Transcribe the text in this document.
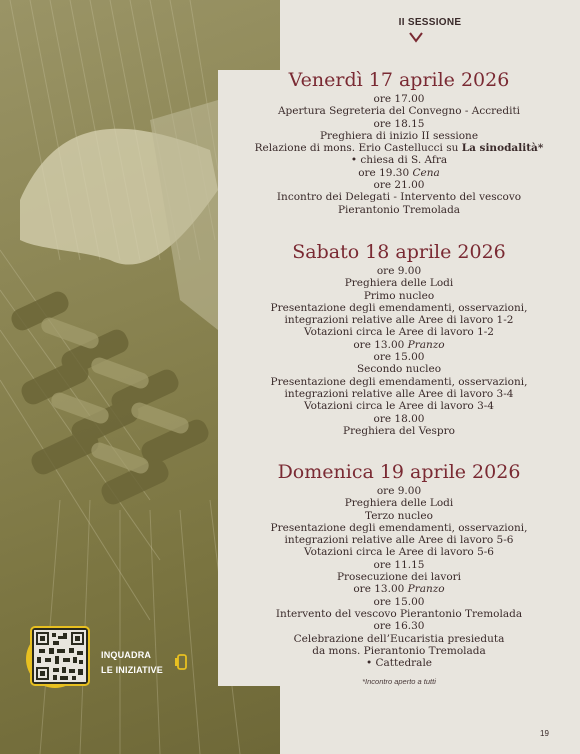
II SESSIONE
Venerdì 17 aprile 2026
ore 17.00
Apertura Segreteria del Convegno - Accrediti
ore 18.15
Preghiera di inizio II sessione
Relazione di mons. Erio Castellucci su La sinodalità*
• chiesa di S. Afra
ore 19.30 Cena
ore 21.00
Incontro dei Delegati - Intervento del vescovo
Pierantonio Tremolada
Sabato 18 aprile 2026
ore 9.00
Preghiera delle Lodi
Primo nucleo
Presentazione degli emendamenti, osservazioni,
integrazioni relative alle Aree di lavoro 1-2
Votazioni circa le Aree di lavoro 1-2
ore 13.00 Pranzo
ore 15.00
Secondo nucleo
Presentazione degli emendamenti, osservazioni,
integrazioni relative alle Aree di lavoro 3-4
Votazioni circa le Aree di lavoro 3-4
ore 18.00
Preghiera del Vespro
Domenica 19 aprile 2026
ore 9.00
Preghiera delle Lodi
Terzo nucleo
Presentazione degli emendamenti, osservazioni,
integrazioni relative alle Aree di lavoro 5-6
Votazioni circa le Aree di lavoro 5-6
ore 11.15
Prosecuzione dei lavori
ore 13.00 Pranzo
ore 15.00
Intervento del vescovo Pierantonio Tremolada
ore 16.30
Celebrazione dell’Eucaristia presieduta
da mons. Pierantonio Tremolada
• Cattedrale
*Incontro aperto a tutti
INQUADRA
LE INIZIATIVE
19
